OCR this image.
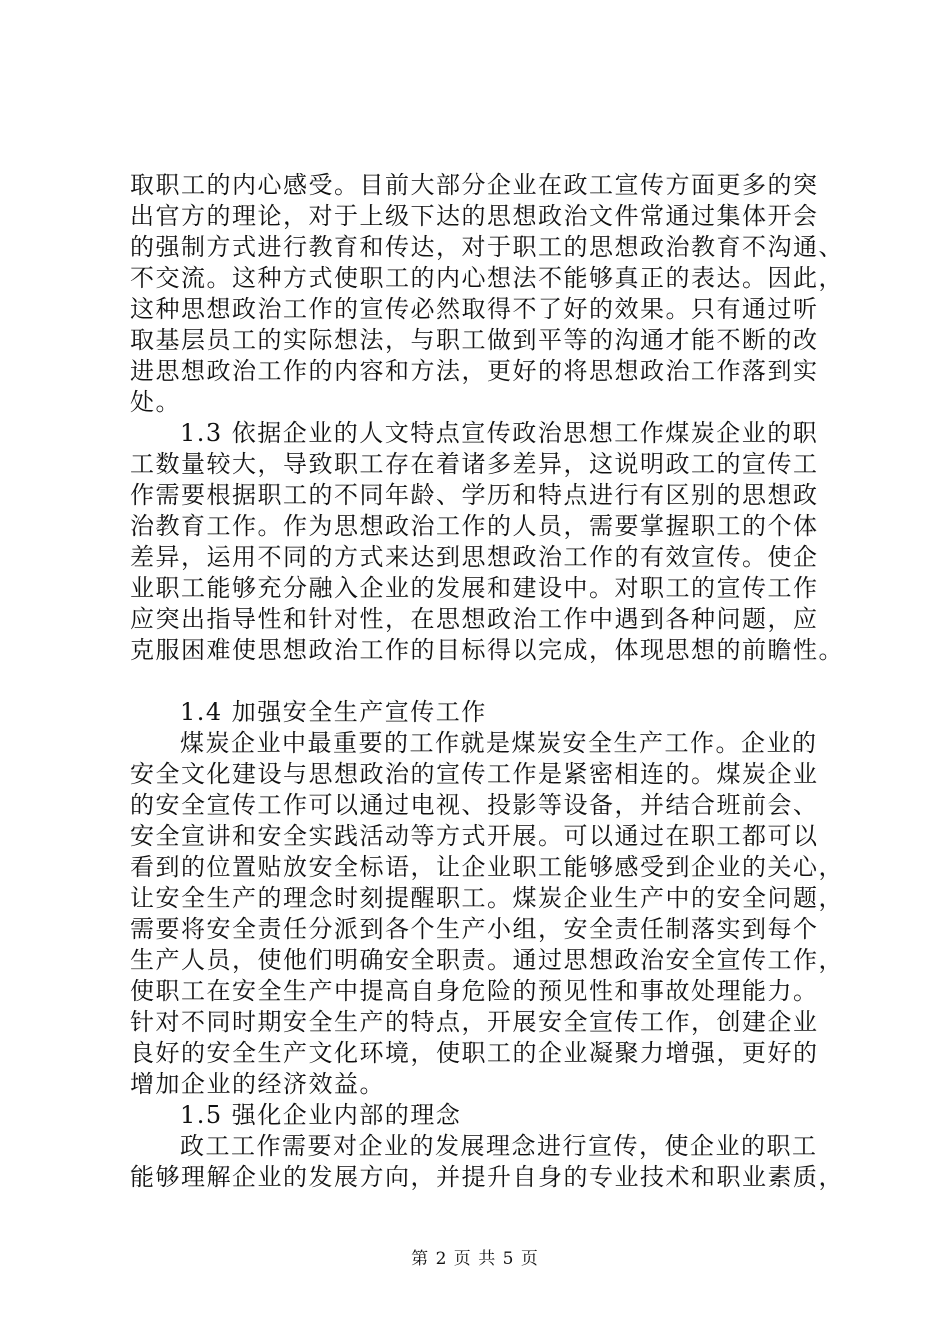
取职工的内心感受。目前大部分企业在政工宣传方面更多的突
出官方的理论，对于上级下达的思想政治文件常通过集体开会
的强制方式进行教育和传达，对于职工的思想政治教育不沟通、
不交流。这种方式使职工的内心想法不能够真正的表达。因此，
这种思想政治工作的宣传必然取得不了好的效果。只有通过听
取基层员工的实际想法，与职工做到平等的沟通才能不断的改
进思想政治工作的内容和方法，更好的将思想政治工作落到实
处。
1.3 依据企业的人文特点宣传政治思想工作煤炭企业的职
工数量较大，导致职工存在着诸多差异，这说明政工的宣传工
作需要根据职工的不同年龄、学历和特点进行有区别的思想政
治教育工作。作为思想政治工作的人员，需要掌握职工的个体
差异，运用不同的方式来达到思想政治工作的有效宣传。使企
业职工能够充分融入企业的发展和建设中。对职工的宣传工作
应突出指导性和针对性，在思想政治工作中遇到各种问题，应
克服困难使思想政治工作的目标得以完成，体现思想的前瞻性。
1.4 加强安全生产宣传工作
煤炭企业中最重要的工作就是煤炭安全生产工作。企业的
安全文化建设与思想政治的宣传工作是紧密相连的。煤炭企业
的安全宣传工作可以通过电视、投影等设备，并结合班前会、
安全宣讲和安全实践活动等方式开展。可以通过在职工都可以
看到的位置贴放安全标语，让企业职工能够感受到企业的关心，
让安全生产的理念时刻提醒职工。煤炭企业生产中的安全问题，
需要将安全责任分派到各个生产小组，安全责任制落实到每个
生产人员，使他们明确安全职责。通过思想政治安全宣传工作，
使职工在安全生产中提高自身危险的预见性和事故处理能力。
针对不同时期安全生产的特点，开展安全宣传工作，创建企业
良好的安全生产文化环境，使职工的企业凝聚力增强，更好的
增加企业的经济效益。
1.5 强化企业内部的理念
政工工作需要对企业的发展理念进行宣传，使企业的职工
能够理解企业的发展方向，并提升自身的专业技术和职业素质，
第 2 页 共 5 页
